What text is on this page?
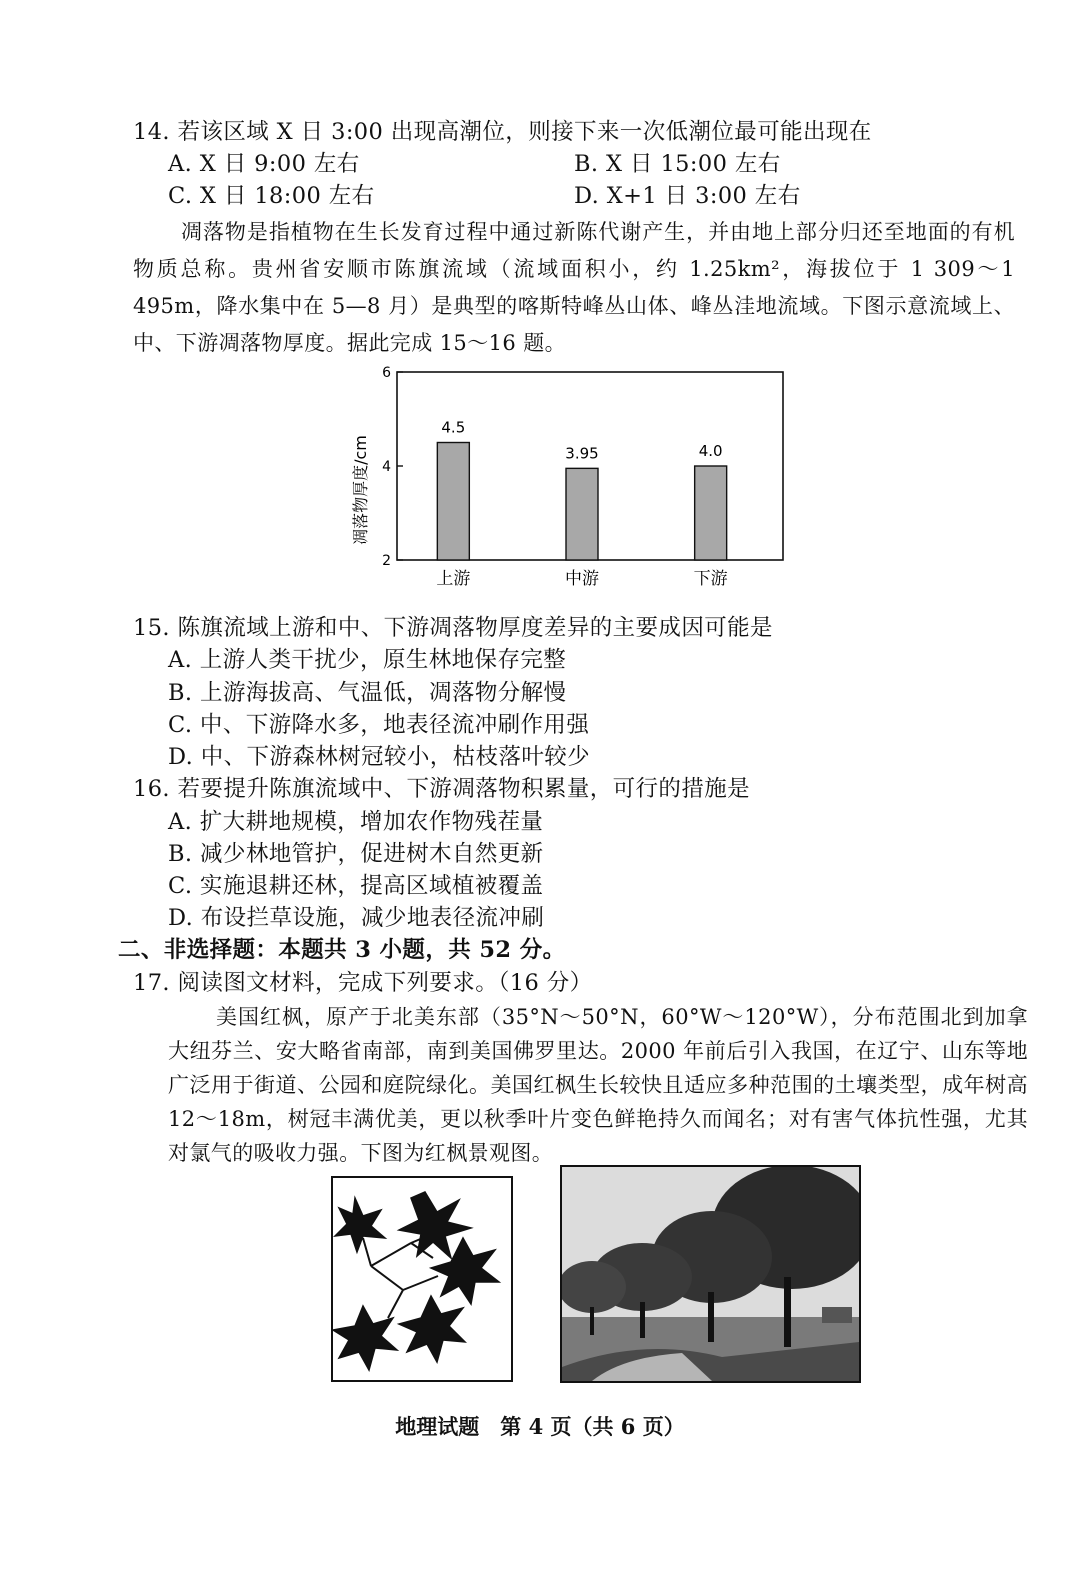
14. 若该区域 X 日 3:00 出现高潮位，则接下来一次低潮位最可能出现在
A. X 日 9:00 左右	B. X 日 15:00 左右
C. X 日 18:00 左右	D. X+1 日 3:00 左右
凋落物是指植物在生长发育过程中通过新陈代谢产生，并由地上部分归还至地面的有机物质总称。贵州省安顺市陈旗流域（流域面积小，约 1.25km²，海拔位于 1 309～1 495m，降水集中在 5—8 月）是典型的喀斯特峰丛山体、峰丛洼地流域。下图示意流域上、中、下游凋落物厚度。据此完成 15～16 题。
4.5
3.95	4.0
2
4
6
上游	中游	下游
凋落物厚度/cm
15. 陈旗流域上游和中、下游凋落物厚度差异的主要成因可能是
A. 上游人类干扰少，原生林地保存完整
B. 上游海拔高、气温低，凋落物分解慢
C. 中、下游降水多，地表径流冲刷作用强
D. 中、下游森林树冠较小，枯枝落叶较少
16. 若要提升陈旗流域中、下游凋落物积累量，可行的措施是
A. 扩大耕地规模，增加农作物残茬量
B. 减少林地管护，促进树木自然更新
C. 实施退耕还林，提高区域植被覆盖
D. 布设拦草设施，减少地表径流冲刷
二、非选择题：本题共 3 小题，共 52 分。
17. 阅读图文材料，完成下列要求。（16 分）
美国红枫，原产于北美东部（35°N～50°N，60°W～120°W），分布范围北到加拿大纽芬兰、安大略省南部，南到美国佛罗里达。2000 年前后引入我国，在辽宁、山东等地广泛用于街道、公园和庭院绿化。美国红枫生长较快且适应多种范围的土壤类型，成年树高 12～18m，树冠丰满优美，更以秋季叶片变色鲜艳持久而闻名；对有害气体抗性强，尤其对氯气的吸收力强。下图为红枫景观图。
地理试题　第 4 页（共 6 页）
